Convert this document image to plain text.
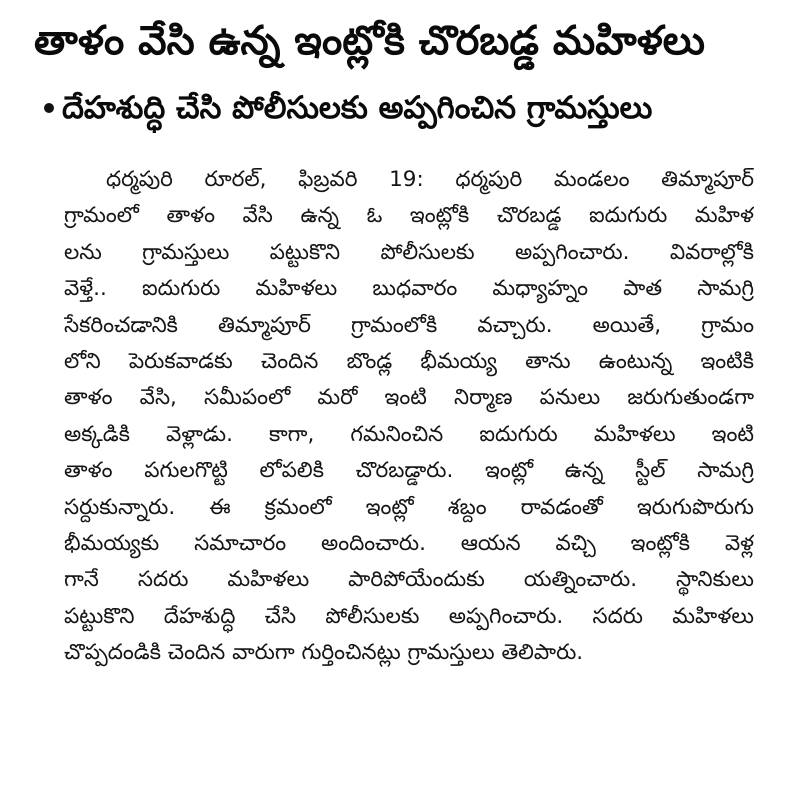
తాళం వేసి ఉన్న ఇంట్లోకి చొరబడ్డ మహిళలు
దేహశుద్ధి చేసి పోలీసులకు అప్పగించిన గ్రామస్తులు
ధర్మపురి రూరల్, ఫిబ్రవరి 19: ధర్మపురి మండలం తిమ్మాపూర్
గ్రామంలో తాళం వేసి ఉన్న ఓ ఇంట్లోకి చొరబడ్డ ఐదుగురు మహిళ
లను గ్రామస్తులు పట్టుకొని పోలీసులకు అప్పగించారు. వివరాల్లోకి
వెళ్తే.. ఐదుగురు మహిళలు బుధవారం మధ్యాహ్నం పాత సామగ్రి
సేకరించడానికి తిమ్మాపూర్ గ్రామంలోకి వచ్చారు. అయితే, గ్రామం
లోని పెరుకవాడకు చెందిన బొండ్ల భీమయ్య తాను ఉంటున్న ఇంటికి
తాళం వేసి, సమీపంలో మరో ఇంటి నిర్మాణ పనులు జరుగుతుండగా
అక్కడికి వెళ్లాడు. కాగా, గమనించిన ఐదుగురు మహిళలు ఇంటి
తాళం పగులగొట్టి లోపలికి చొరబడ్డారు. ఇంట్లో ఉన్న స్టీల్ సామగ్రి
సర్దుకున్నారు. ఈ క్రమంలో ఇంట్లో శబ్దం రావడంతో ఇరుగుపొరుగు
భీమయ్యకు సమాచారం అందించారు. ఆయన వచ్చి ఇంట్లోకి వెళ్ల
గానే సదరు మహిళలు పారిపోయేందుకు యత్నించారు. స్థానికులు
పట్టుకొని దేహశుద్ధి చేసి పోలీసులకు అప్పగించారు. సదరు మహిళలు
చొప్పదండికి చెందిన వారుగా గుర్తించినట్లు గ్రామస్తులు తెలిపారు.
